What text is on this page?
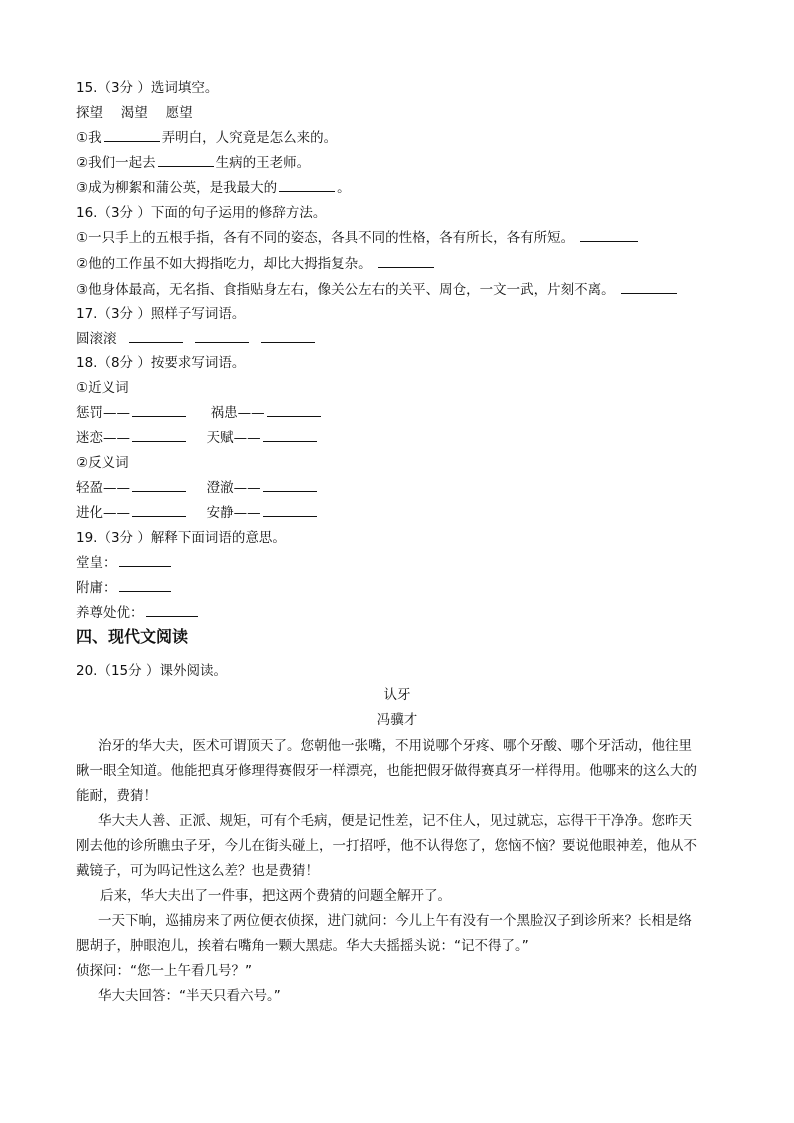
15.（3分 ）选词填空。
探望　 渴望　 愿望
①我	弄明白，人究竟是怎么来的。
②我们一起去	生病的王老师。
③成为柳絮和蒲公英，是我最大的	。
16.（3分 ）下面的句子运用的修辞方法。
①一只手上的五根手指，各有不同的姿态，各具不同的性格，各有所长，各有所短。
②他的工作虽不如大拇指吃力，却比大拇指复杂。
③他身体最高，无名指、食指贴身左右，像关公左右的关平、周仓，一文一武，片刻不离。
17.（3分 ）照样子写词语。
圆滚滚
18.（8分 ）按要求写词语。
①近义词
惩罚——	祸患——
迷恋——	天赋——
②反义词
轻盈——	澄澈——
进化——	安静——
19.（3分 ）解释下面词语的意思。
堂皇：
附庸：
养尊处优：
四、现代文阅读
20.（15分 ）课外阅读。
认牙
冯骥才
治牙的华大夫，医术可谓顶天了。您朝他一张嘴，不用说哪个牙疼、哪个牙酸、哪个牙活动，他往里
瞅一眼全知道。他能把真牙修理得赛假牙一样漂亮，也能把假牙做得赛真牙一样得用。他哪来的这么大的
能耐，费猜！
华大夫人善、正派、规矩，可有个毛病，便是记性差，记不住人，见过就忘，忘得干干净净。您昨天
刚去他的诊所瞧虫子牙，今儿在街头碰上，一打招呼，他不认得您了，您恼不恼？要说他眼神差，他从不
戴镜子，可为吗记性这么差？也是费猜！
后来，华大夫出了一件事，把这两个费猜的问题全解开了。
一天下晌，巡捕房来了两位便衣侦探，进门就问：今儿上午有没有一个黑脸汉子到诊所来？长相是络
腮胡子，肿眼泡儿，挨着右嘴角一颗大黑痣。华大夫摇摇头说：“记不得了。”
侦探问：“您一上午看几号？”
华大夫回答：“半天只看六号。”
